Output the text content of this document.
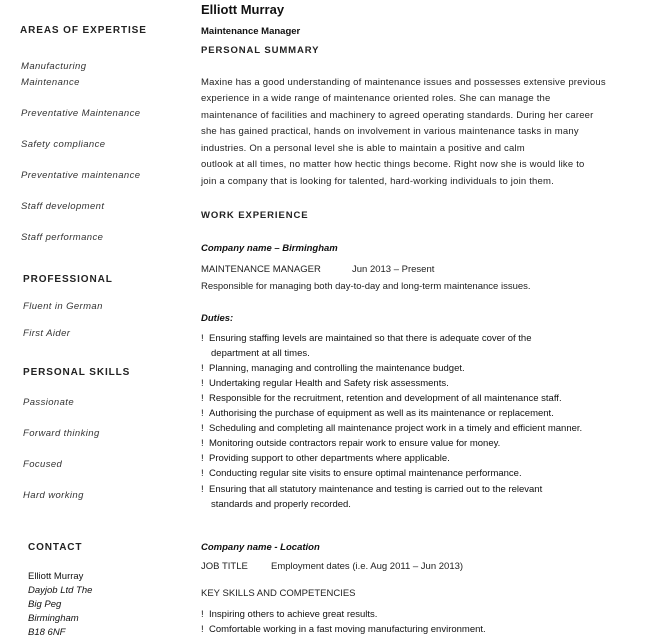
AREAS OF EXPERTISE
Manufacturing
Maintenance
Preventative Maintenance
Safety compliance
Preventative maintenance
Staff development
Staff performance
PROFESSIONAL
Fluent in German
First Aider
PERSONAL SKILLS
Passionate
Forward thinking
Focused
Hard working
CONTACT
Elliott Murray
Dayjob Ltd The
Big Peg
Birmingham
B18 6NF
Elliott Murray
Maintenance Manager
PERSONAL SUMMARY
Maxine has a good understanding of maintenance issues and possesses extensive previous
experience in a wide range of maintenance oriented roles. She can manage the
maintenance of facilities and machinery to agreed operating standards. During her career
she has gained practical, hands on involvement in various maintenance tasks in many
industries. On a personal level she is able to maintain a positive and calm
outlook at all times, no matter how hectic things become. Right now she is would like to
join a company that is looking for talented, hard-working individuals to join them.
WORK EXPERIENCE
Company name – Birmingham
MAINTENANCE MANAGER	Jun 2013 – Present
Responsible for managing both day-to-day and long-term maintenance issues.
Duties:
! Ensuring staffing levels are maintained so that there is adequate cover of the
department at all times.
! Planning, managing and controlling the maintenance budget.
! Undertaking regular Health and Safety risk assessments.
! Responsible for the recruitment, retention and development of all maintenance staff.
! Authorising the purchase of equipment as well as its maintenance or replacement.
! Scheduling and completing all maintenance project work in a timely and efficient manner.
! Monitoring outside contractors repair work to ensure value for money.
! Providing support to other departments where applicable.
! Conducting regular site visits to ensure optimal maintenance performance.
! Ensuring that all statutory maintenance and testing is carried out to the relevant
standards and properly recorded.
Company name - Location
JOB TITLE Employment dates (i.e. Aug 2011 – Jun 2013)
KEY SKILLS AND COMPETENCIES
! Inspiring others to achieve great results.
! Comfortable working in a fast moving manufacturing environment.
